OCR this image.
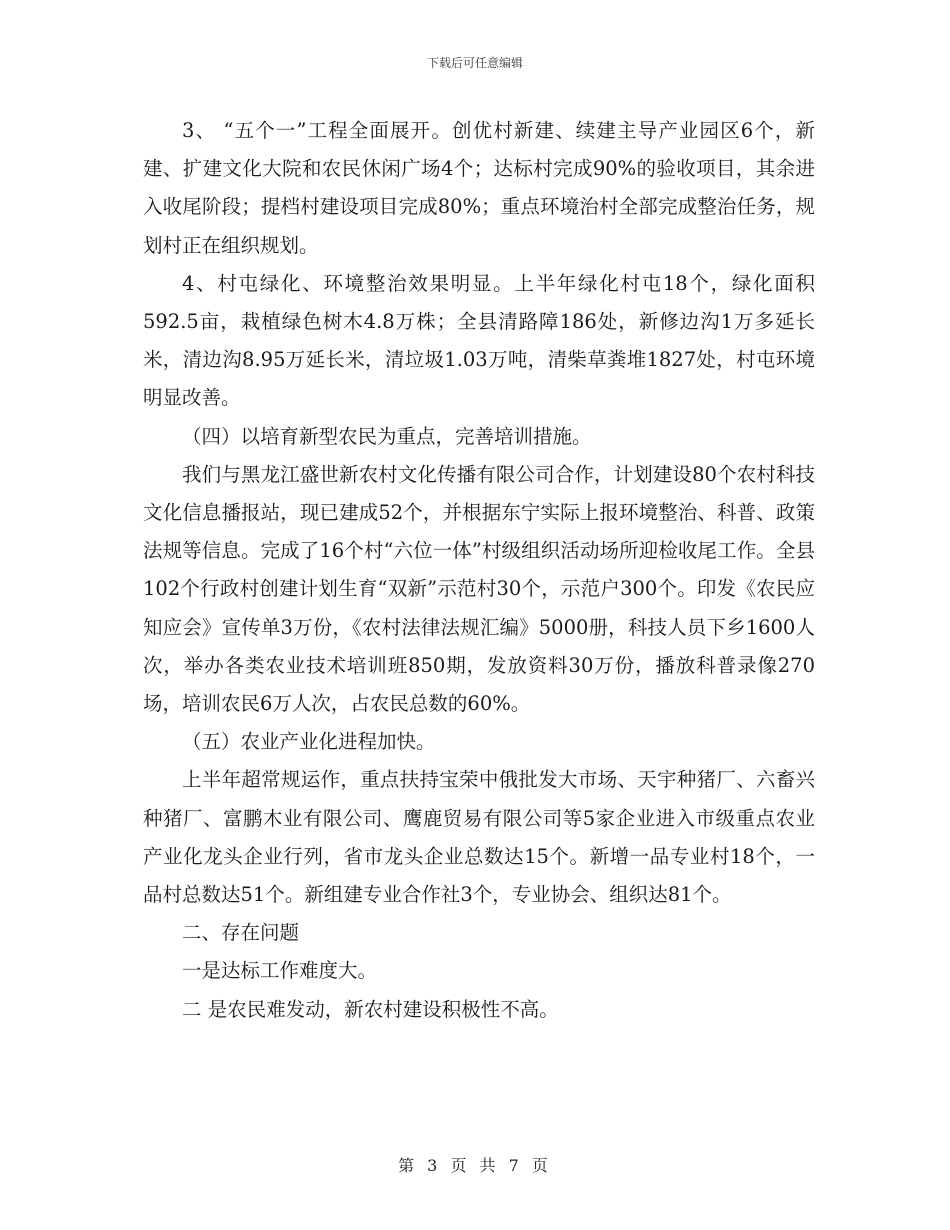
下载后可任意编辑

3、 “五个一”工程全面展开。创优村新建、续建主导产业园区6个，新建、扩建文化大院和农民休闲广场4个；达标村完成90%的验收项目，其余进入收尾阶段；提档村建设项目完成80%；重点环境治村全部完成整治任务，规划村正在组织规划。

4、村屯绿化、环境整治效果明显。上半年绿化村屯18个，绿化面积592.5亩，栽植绿色树木4.8万株；全县清路障186处，新修边沟1万多延长米，清边沟8.95万延长米，清垃圾1.03万吨，清柴草粪堆1827处，村屯环境明显改善。

（四）以培育新型农民为重点，完善培训措施。

我们与黑龙江盛世新农村文化传播有限公司合作，计划建设80个农村科技文化信息播报站，现已建成52个，并根据东宁实际上报环境整治、科普、政策法规等信息。完成了16个村“六位一体”村级组织活动场所迎检收尾工作。全县102个行政村创建计划生育“双新”示范村30个，示范户300个。印发《农民应知应会》宣传单3万份，《农村法律法规汇编》5000册，科技人员下乡1600人次，举办各类农业技术培训班850期，发放资料30万份，播放科普录像270场，培训农民6万人次，占农民总数的60%。

（五）农业产业化进程加快。

上半年超常规运作，重点扶持宝荣中俄批发大市场、天宇种猪厂、六畜兴种猪厂、富鹏木业有限公司、鹰鹿贸易有限公司等5家企业进入市级重点农业产业化龙头企业行列，省市龙头企业总数达15个。新增一品专业村18个，一品村总数达51个。新组建专业合作社3个，专业协会、组织达81个。

二、存在问题

一是达标工作难度大。

二 是农民难发动，新农村建设积极性不高。

第 3 页 共 7 页
